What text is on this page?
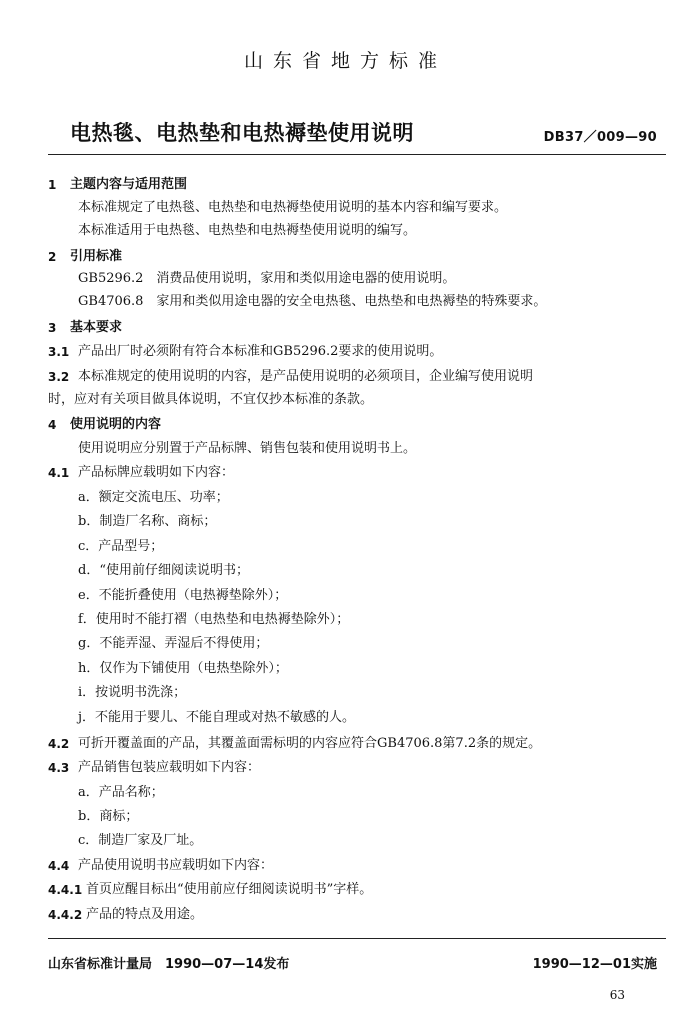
山东省地方标准
电热毯、电热垫和电热褥垫使用说明	DB37／009—90
1 主题内容与适用范围
本标准规定了电热毯、电热垫和电热褥垫使用说明的基本内容和编写要求。
本标准适用于电热毯、电热垫和电热褥垫使用说明的编写。
2 引用标准
GB5296.2　消费品使用说明，家用和类似用途电器的使用说明。
GB4706.8　家用和类似用途电器的安全电热毯、电热垫和电热褥垫的特殊要求。
3 基本要求
3.1 产品出厂时必须附有符合本标准和GB5296.2要求的使用说明。
3.2 本标准规定的使用说明的内容，是产品使用说明的必须项目，企业编写使用说明
时，应对有关项目做具体说明，不宜仅抄本标准的条款。
4 使用说明的内容
使用说明应分别置于产品标牌、销售包装和使用说明书上。
4.1 产品标牌应载明如下内容：
a．额定交流电压、功率；
b．制造厂名称、商标；
c．产品型号；
d．“使用前仔细阅读说明书；
e．不能折叠使用（电热褥垫除外）；
f．使用时不能打褶（电热垫和电热褥垫除外）；
g．不能弄湿、弄湿后不得使用；
h．仅作为下铺使用（电热垫除外）；
i．按说明书洗涤；
j．不能用于婴儿、不能自理或对热不敏感的人。
4.2 可折开覆盖面的产品，其覆盖面需标明的内容应符合GB4706.8第7.2条的规定。
4.3 产品销售包装应载明如下内容：
a．产品名称；
b．商标；
c．制造厂家及厂址。
4.4 产品使用说明书应载明如下内容：
4.4.1 首页应醒目标出“使用前应仔细阅读说明书”字样。
4.4.2 产品的特点及用途。
山东省标准计量局　1990—07—14发布	1990—12—01实施
63
